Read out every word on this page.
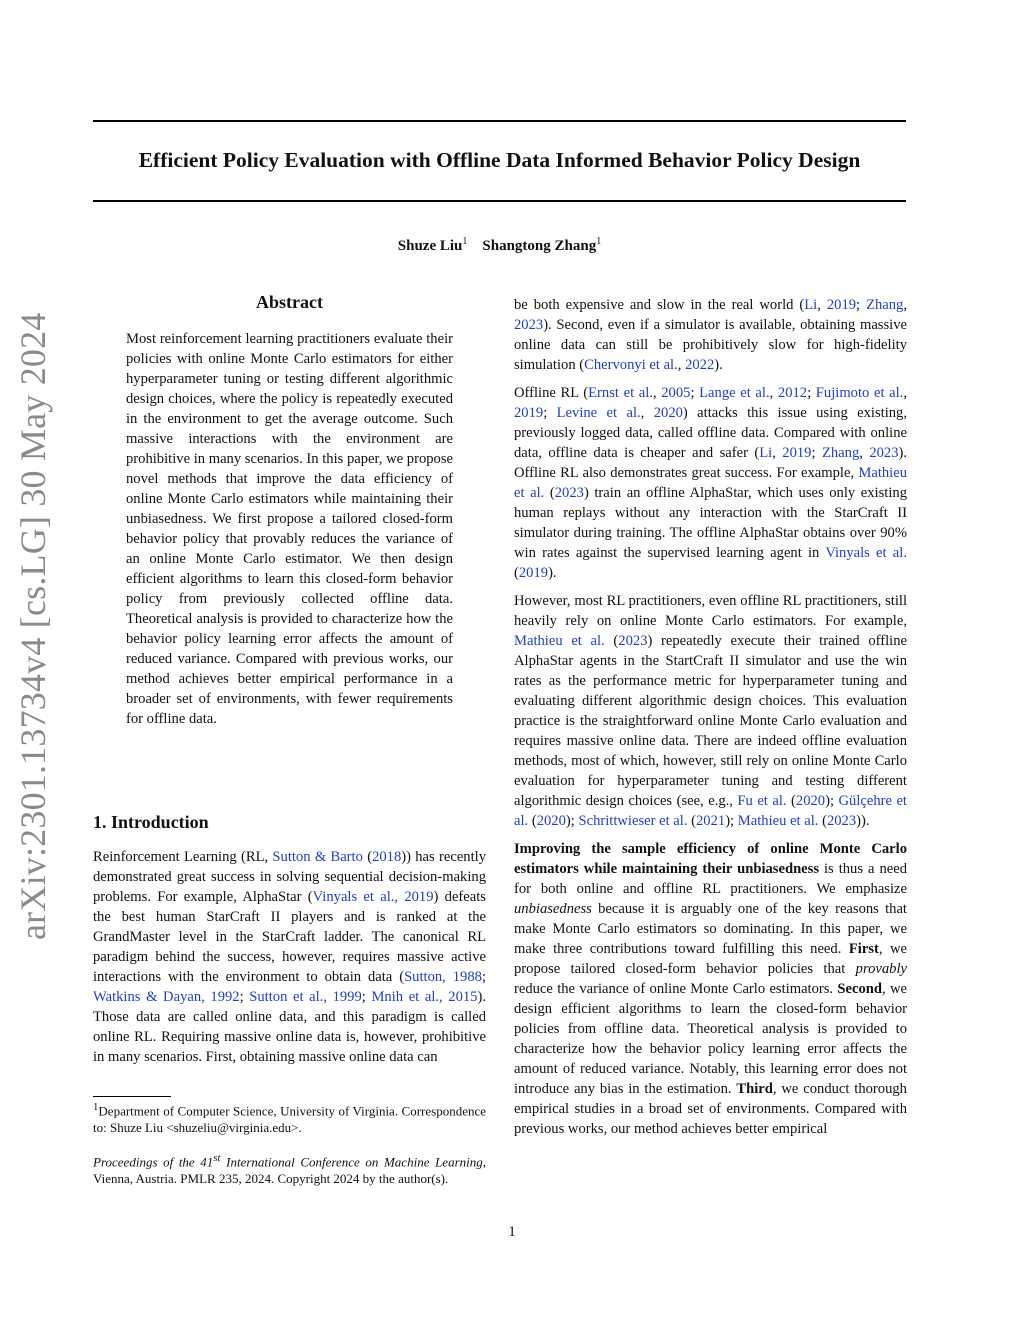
arXiv:2301.13734v4 [cs.LG] 30 May 2024
Efficient Policy Evaluation with Offline Data Informed Behavior Policy Design
Shuze Liu$^1$ Shangtong Zhang$^1$
Abstract
Most reinforcement learning practitioners evaluate their policies with online Monte Carlo estimators for either hyperparameter tuning or testing different algorithmic design choices, where the policy is repeatedly executed in the environment to get the average outcome. Such massive interactions with the environment are prohibitive in many scenarios. In this paper, we propose novel methods that improve the data efficiency of online Monte Carlo estimators while maintaining their unbiasedness. We first propose a tailored closed-form behavior policy that provably reduces the variance of an online Monte Carlo estimator. We then design efficient algorithms to learn this closed-form behavior policy from previously collected offline data. Theoretical analysis is provided to characterize how the behavior policy learning error affects the amount of reduced variance. Compared with previous works, our method achieves better empirical performance in a broader set of environments, with fewer requirements for offline data.
1. Introduction
Reinforcement Learning (RL, Sutton & Barto (2018)) has recently demonstrated great success in solving sequential decision-making problems. For example, AlphaStar (Vinyals et al., 2019) defeats the best human StarCraft II players and is ranked at the GrandMaster level in the StarCraft ladder. The canonical RL paradigm behind the success, however, requires massive active interactions with the environment to obtain data (Sutton, 1988; Watkins & Dayan, 1992; Sutton et al., 1999; Mnih et al., 2015). Those data are called online data, and this paradigm is called online RL. Requiring massive online data is, however, prohibitive in many scenarios. First, obtaining massive online data can
$^1$Department of Computer Science, University of Virginia. Correspondence to: Shuze Liu <shuzeliu@virginia.edu>.
Proceedings of the 41st International Conference on Machine Learning, Vienna, Austria. PMLR 235, 2024. Copyright 2024 by the author(s).

be both expensive and slow in the real world (Li, 2019; Zhang, 2023). Second, even if a simulator is available, obtaining massive online data can still be prohibitively slow for high-fidelity simulation (Chervonyi et al., 2022).

Offline RL (Ernst et al., 2005; Lange et al., 2012; Fujimoto et al., 2019; Levine et al., 2020) attacks this issue using existing, previously logged data, called offline data. Compared with online data, offline data is cheaper and safer (Li, 2019; Zhang, 2023). Offline RL also demonstrates great success. For example, Mathieu et al. (2023) train an offline AlphaStar, which uses only existing human replays without any interaction with the StarCraft II simulator during training. The offline AlphaStar obtains over 90% win rates against the supervised learning agent in Vinyals et al. (2019).

However, most RL practitioners, even offline RL practitioners, still heavily rely on online Monte Carlo estimators. For example, Mathieu et al. (2023) repeatedly execute their trained offline AlphaStar agents in the StartCraft II simulator and use the win rates as the performance metric for hyperparameter tuning and evaluating different algorithmic design choices. This evaluation practice is the straightforward online Monte Carlo evaluation and requires massive online data. There are indeed offline evaluation methods, most of which, however, still rely on online Monte Carlo evaluation for hyperparameter tuning and testing different algorithmic design choices (see, e.g., Fu et al. (2020); Gülçehre et al. (2020); Schrittwieser et al. (2021); Mathieu et al. (2023)).

Improving the sample efficiency of online Monte Carlo estimators while maintaining their unbiasedness is thus a need for both online and offline RL practitioners. We emphasize unbiasedness because it is arguably one of the key reasons that make Monte Carlo estimators so dominating. In this paper, we make three contributions toward fulfilling this need. First, we propose tailored closed-form behavior policies that provably reduce the variance of online Monte Carlo estimators. Second, we design efficient algorithms to learn the closed-form behavior policies from offline data. Theoretical analysis is provided to characterize how the behavior policy learning error affects the amount of reduced variance. Notably, this learning error does not introduce any bias in the estimation. Third, we conduct thorough empirical studies in a broad set of environments. Compared with previous works, our method achieves better empirical

1
